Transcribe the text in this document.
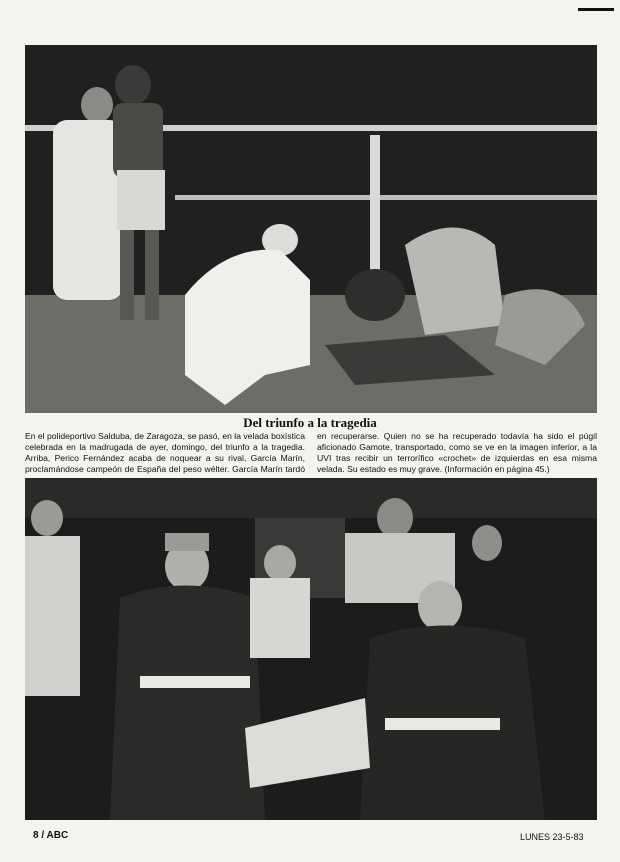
Del triunfo a la tragedia
En el polideportivo Salduba, de Zaragoza, se pasó, en la velada boxística celebrada en la madrugada de ayer, domingo, del triunfo a la tragedia. Arriba, Perico Fernández acaba de noquear a su rival, García Marín, proclamándose campeón de España del peso wélter. García Marín tardó en recuperarse. Quien no se ha recuperado todavía ha sido el púgil aficionado Gamote, transportado, como se ve en la imagen inferior, a la UVI tras recibir un terrorífico «crochet» de izquierdas en esa misma velada. Su estado es muy grave. (Información en página 45.)
8 / ABC	LUNES 23-5-83
